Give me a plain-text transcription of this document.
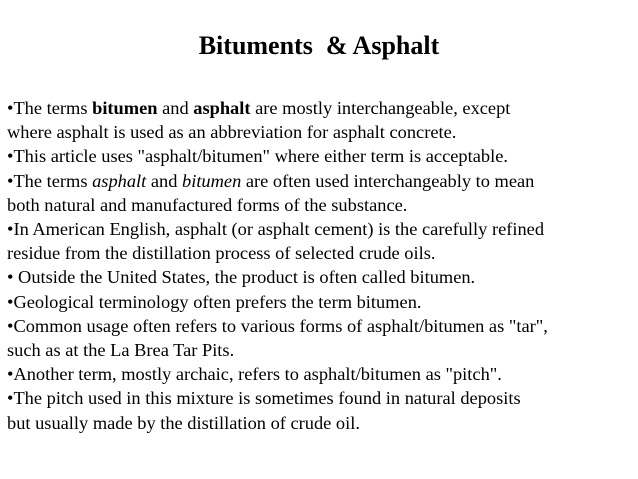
Bituments  & Asphalt
•The terms bitumen and asphalt are mostly interchangeable, except
where asphalt is used as an abbreviation for asphalt concrete.
•This article uses "asphalt/bitumen" where either term is acceptable.
•The terms asphalt and bitumen are often used interchangeably to mean
both natural and manufactured forms of the substance.
•In American English, asphalt (or asphalt cement) is the carefully refined
residue from the distillation process of selected crude oils.
• Outside the United States, the product is often called bitumen.
•Geological terminology often prefers the term bitumen.
•Common usage often refers to various forms of asphalt/bitumen as "tar",
such as at the La Brea Tar Pits.
•Another term, mostly archaic, refers to asphalt/bitumen as "pitch".
•The pitch used in this mixture is sometimes found in natural deposits
but usually made by the distillation of crude oil.
